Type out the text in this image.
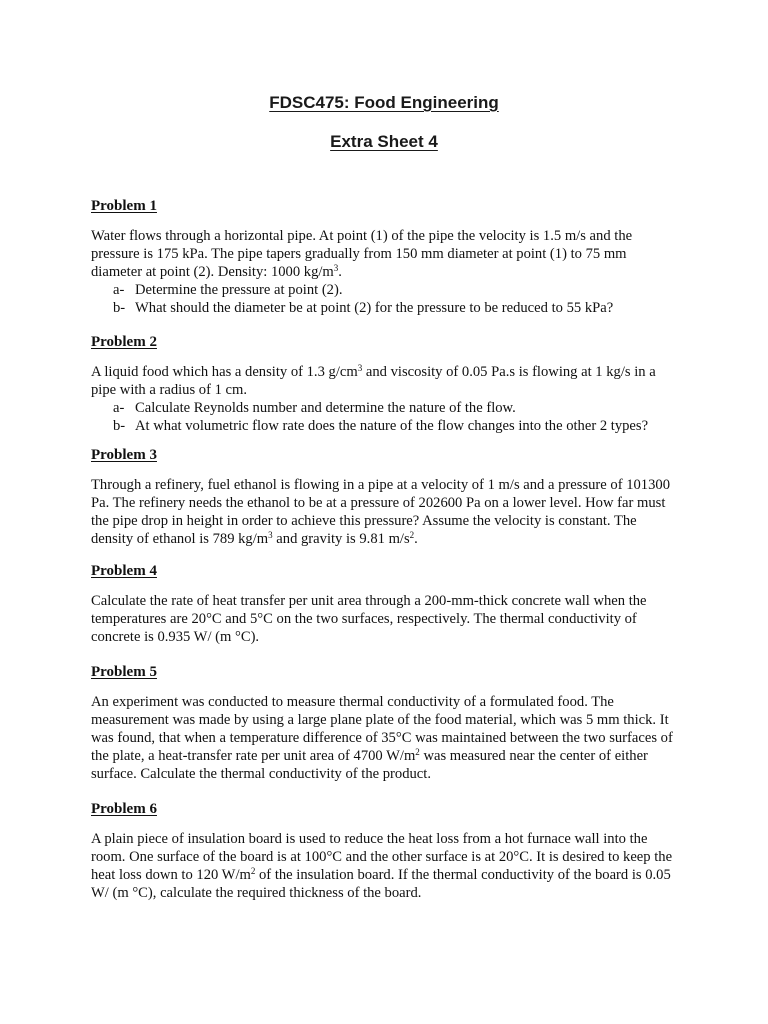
FDSC475: Food Engineering
Extra Sheet 4

Problem 1

Water flows through a horizontal pipe. At point (1) of the pipe the velocity is 1.5 m/s and the pressure is 175 kPa. The pipe tapers gradually from 150 mm diameter at point (1) to 75 mm diameter at point (2). Density: 1000 $kg/m^3$.

a- Determine the pressure at point (2).
b- What should the diameter be at point (2) for the pressure to be reduced to 55 kPa?

Problem 2

A liquid food which has a density of 1.3 $g/cm^3$ and viscosity of 0.05 Pa.s is flowing at 1 kg/s in a pipe with a radius of 1 cm.

a- Calculate Reynolds number and determine the nature of the flow.
b- At what volumetric flow rate does the nature of the flow changes into the other 2 types?

Problem 3

Through a refinery, fuel ethanol is flowing in a pipe at a velocity of 1 m/s and a pressure of 101300 Pa. The refinery needs the ethanol to be at a pressure of 202600 Pa on a lower level. How far must the pipe drop in height in order to achieve this pressure? Assume the velocity is constant. The density of ethanol is 789 $kg/m^3$ and gravity is 9.81 $m/s^2$.

Problem 4

Calculate the rate of heat transfer per unit area through a 200-mm-thick concrete wall when the temperatures are 20°C and 5°C on the two surfaces, respectively. The thermal conductivity of concrete is 0.935 W/ (m °C).

Problem 5

An experiment was conducted to measure thermal conductivity of a formulated food. The measurement was made by using a large plane plate of the food material, which was 5 mm thick. It was found, that when a temperature difference of 35°C was maintained between the two surfaces of the plate, a heat-transfer rate per unit area of 4700 $W/m^2$ was measured near the center of either surface. Calculate the thermal conductivity of the product.

Problem 6

A plain piece of insulation board is used to reduce the heat loss from a hot furnace wall into the room. One surface of the board is at 100°C and the other surface is at 20°C. It is desired to keep the heat loss down to 120 $W/m^2$ of the insulation board. If the thermal conductivity of the board is 0.05 W/ (m °C), calculate the required thickness of the board.
